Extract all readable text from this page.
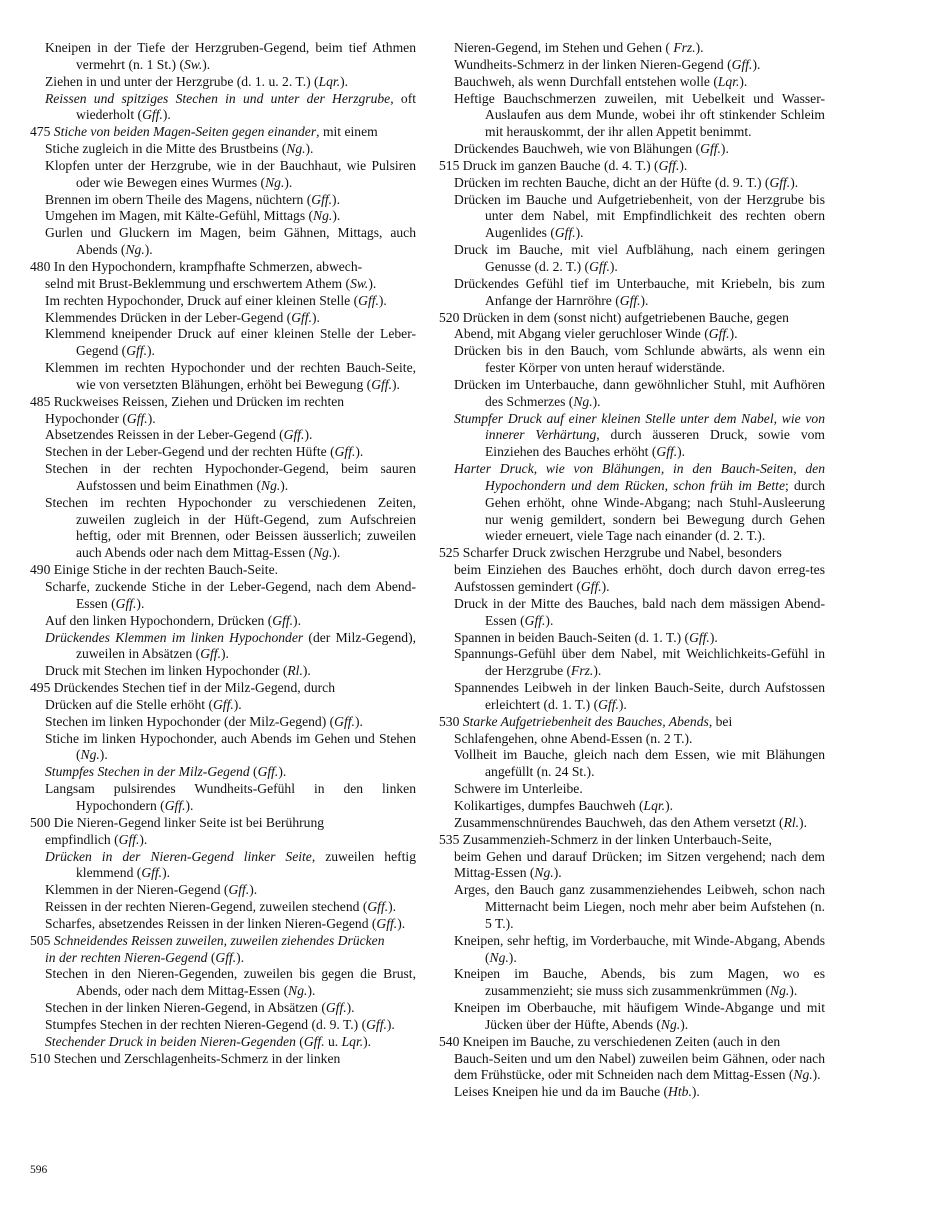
Kneipen in der Tiefe der Herzgruben-Gegend, beim tief Athmen vermehrt (n. 1 St.) (Sw.).
Ziehen in und unter der Herzgrube (d. 1. u. 2. T.) (Lqr.).
Reissen und spitziges Stechen in und unter der Herzgrube, oft wiederholt (Gff.).
475 Stiche von beiden Magen-Seiten gegen einander, mit einem
Stiche zugleich in die Mitte des Brustbeins (Ng.).
Klopfen unter der Herzgrube, wie in der Bauchhaut, wie Pulsiren oder wie Bewegen eines Wurmes (Ng.).
Brennen im obern Theile des Magens, nüchtern (Gff.).
Umgehen im Magen, mit Kälte-Gefühl, Mittags (Ng.).
Gurlen und Gluckern im Magen, beim Gähnen, Mittags, auch Abends (Ng.).
480 In den Hypochondern, krampfhafte Schmerzen, abwech-
selnd mit Brust-Beklemmung und erschwertem Athem (Sw.).
Im rechten Hypochonder, Druck auf einer kleinen Stelle (Gff.).
Klemmendes Drücken in der Leber-Gegend (Gff.).
Klemmend kneipender Druck auf einer kleinen Stelle der Leber-Gegend (Gff.).
Klemmen im rechten Hypochonder und der rechten Bauch-Seite, wie von versetzten Blähungen, erhöht bei Bewegung (Gff.).
485 Ruckweises Reissen, Ziehen und Drücken im rechten
Hypochonder (Gff.).
Absetzendes Reissen in der Leber-Gegend (Gff.).
Stechen in der Leber-Gegend und der rechten Hüfte (Gff.).
Stechen in der rechten Hypochonder-Gegend, beim sauren Aufstossen und beim Einathmen (Ng.).
Stechen im rechten Hypochonder zu verschiedenen Zeiten, zuweilen zugleich in der Hüft-Gegend, zum Aufschreien heftig, oder mit Brennen, oder Beissen äusserlich; zuweilen auch Abends oder nach dem Mittag-Essen (Ng.).
490 Einige Stiche in der rechten Bauch-Seite.
Scharfe, zuckende Stiche in der Leber-Gegend, nach dem Abend-Essen (Gff.).
Auf den linken Hypochondern, Drücken (Gff.).
Drückendes Klemmen im linken Hypochonder (der Milz-Gegend), zuweilen in Absätzen (Gff.).
Druck mit Stechen im linken Hypochonder (Rl.).
495 Drückendes Stechen tief in der Milz-Gegend, durch
Drücken auf die Stelle erhöht (Gff.).
Stechen im linken Hypochonder (der Milz-Gegend) (Gff.).
Stiche im linken Hypochonder, auch Abends im Gehen und Stehen (Ng.).
Stumpfes Stechen in der Milz-Gegend (Gff.).
Langsam pulsirendes Wundheits-Gefühl in den linken Hypochondern (Gff.).
500 Die Nieren-Gegend linker Seite ist bei Berührung
empfindlich (Gff.).
Drücken in der Nieren-Gegend linker Seite, zuweilen heftig klemmend (Gff.).
Klemmen in der Nieren-Gegend (Gff.).
Reissen in der rechten Nieren-Gegend, zuweilen stechend (Gff.).
Scharfes, absetzendes Reissen in der linken Nieren-Gegend (Gff.).
505 Schneidendes Reissen zuweilen, zuweilen ziehendes Drücken
in der rechten Nieren-Gegend (Gff.).
Stechen in den Nieren-Gegenden, zuweilen bis gegen die Brust, Abends, oder nach dem Mittag-Essen (Ng.).
Stechen in der linken Nieren-Gegend, in Absätzen (Gff.).
Stumpfes Stechen in der rechten Nieren-Gegend (d. 9. T.) (Gff.).
Stechender Druck in beiden Nieren-Gegenden (Gff. u. Lqr.).
510 Stechen und Zerschlagenheits-Schmerz in der linken
Nieren-Gegend, im Stehen und Gehen ( Frz.).
Wundheits-Schmerz in der linken Nieren-Gegend (Gff.).
Bauchweh, als wenn Durchfall entstehen wolle (Lqr.).
Heftige Bauchschmerzen zuweilen, mit Uebelkeit und Wasser-Auslaufen aus dem Munde, wobei ihr oft stinkender Schleim mit herauskommt, der ihr allen Appetit benimmt.
Drückendes Bauchweh, wie von Blähungen (Gff.).
515 Druck im ganzen Bauche (d. 4. T.) (Gff.).
Drücken im rechten Bauche, dicht an der Hüfte (d. 9. T.) (Gff.).
Drücken im Bauche und Aufgetriebenheit, von der Herzgrube bis unter dem Nabel, mit Empfindlichkeit des rechten obern Augenlides (Gff.).
Druck im Bauche, mit viel Aufblähung, nach einem geringen Genusse (d. 2. T.) (Gff.).
Drückendes Gefühl tief im Unterbauche, mit Kriebeln, bis zum Anfange der Harnröhre (Gff.).
520 Drücken in dem (sonst nicht) aufgetriebenen Bauche, gegen
Abend, mit Abgang vieler geruchloser Winde (Gff.).
Drücken bis in den Bauch, vom Schlunde abwärts, als wenn ein fester Körper von unten herauf widerstände.
Drücken im Unterbauche, dann gewöhnlicher Stuhl, mit Aufhören des Schmerzes (Ng.).
Stumpfer Druck auf einer kleinen Stelle unter dem Nabel, wie von innerer Verhärtung, durch äusseren Druck, sowie vom Einziehen des Bauches erhöht (Gff.).
Harter Druck, wie von Blähungen, in den Bauch-Seiten, den Hypochondern und dem Rücken, schon früh im Bette; durch Gehen erhöht, ohne Winde-Abgang; nach Stuhl-Ausleerung nur wenig gemildert, sondern bei Bewegung durch Gehen wieder erneuert, viele Tage nach einander (d. 2. T.).
525 Scharfer Druck zwischen Herzgrube und Nabel, besonders
beim Einziehen des Bauches erhöht, doch durch davon erreg-tes Aufstossen gemindert (Gff.).
Druck in der Mitte des Bauches, bald nach dem mässigen Abend-Essen (Gff.).
Spannen in beiden Bauch-Seiten (d. 1. T.) (Gff.).
Spannungs-Gefühl über dem Nabel, mit Weichlichkeits-Gefühl in der Herzgrube (Frz.).
Spannendes Leibweh in der linken Bauch-Seite, durch Aufstossen erleichtert (d. 1. T.) (Gff.).
530 Starke Aufgetriebenheit des Bauches, Abends, bei
Schlafengehen, ohne Abend-Essen (n. 2 T.).
Vollheit im Bauche, gleich nach dem Essen, wie mit Blähungen angefüllt (n. 24 St.).
Schwere im Unterleibe.
Kolikartiges, dumpfes Bauchweh (Lqr.).
Zusammenschnürendes Bauchweh, das den Athem versetzt (Rl.).
535 Zusammenzieh-Schmerz in der linken Unterbauch-Seite,
beim Gehen und darauf Drücken; im Sitzen vergehend; nach dem Mittag-Essen (Ng.).
Arges, den Bauch ganz zusammenziehendes Leibweh, schon nach Mitternacht beim Liegen, noch mehr aber beim Aufstehen (n. 5 T.).
Kneipen, sehr heftig, im Vorderbauche, mit Winde-Abgang, Abends (Ng.).
Kneipen im Bauche, Abends, bis zum Magen, wo es zusammenzieht; sie muss sich zusammenkrümmen (Ng.).
Kneipen im Oberbauche, mit häufigem Winde-Abgange und mit Jücken über der Hüfte, Abends (Ng.).
540 Kneipen im Bauche, zu verschiedenen Zeiten (auch in den
Bauch-Seiten und um den Nabel) zuweilen beim Gähnen, oder nach dem Frühstücke, oder mit Schneiden nach dem Mittag-Essen (Ng.).
Leises Kneipen hie und da im Bauche (Htb.).
596
